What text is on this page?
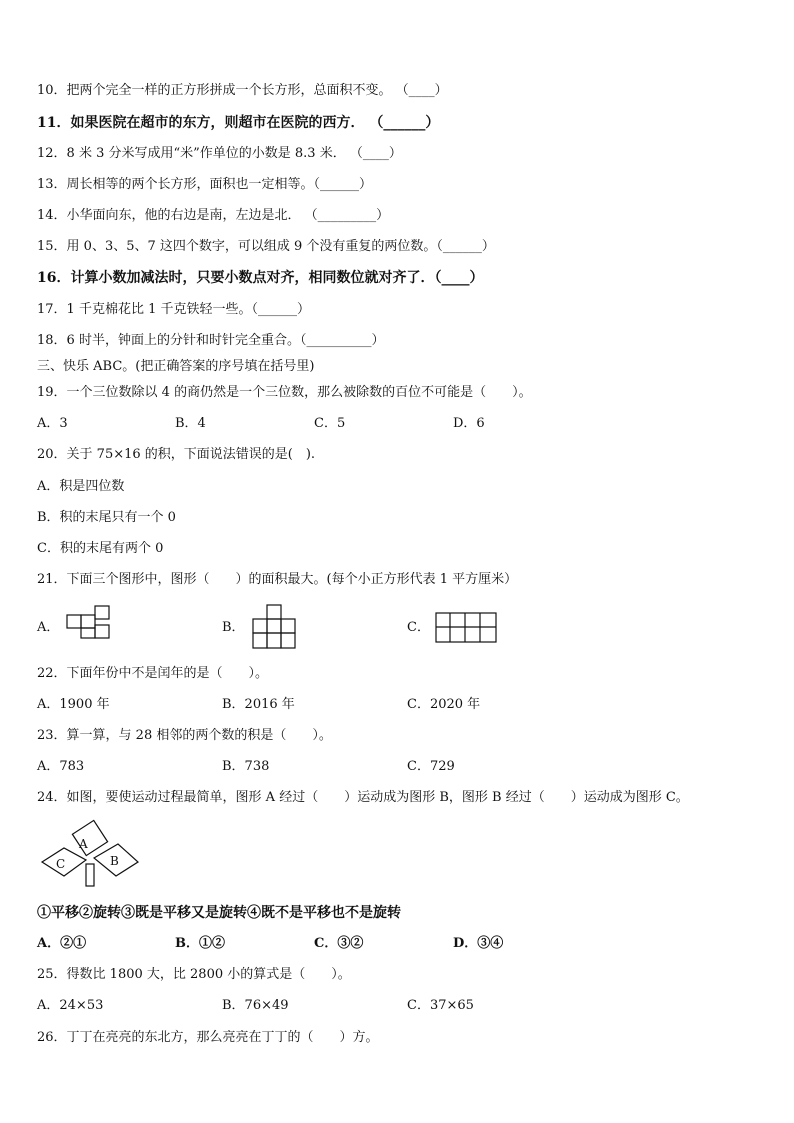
10．把两个完全一样的正方形拼成一个长方形，总面积不变。 （____）
11．如果医院在超市的东方，则超市在医院的西方． （______）
12．8 米 3 分米写成用“米”作单位的小数是 8.3 米． （____）
13．周长相等的两个长方形，面积也一定相等。（______）
14．小华面向东，他的右边是南，左边是北． （_________）
15．用 0、3、5、7 这四个数字，可以组成 9 个没有重复的两位数。（______）
16．计算小数加减法时，只要小数点对齐，相同数位就对齐了．（____）
17．1 千克棉花比 1 千克铁轻一些。（______）
18．6 时半，钟面上的分针和时针完全重合。（__________）
三、快乐 ABC。(把正确答案的序号填在括号里)
19．一个三位数除以 4 的商仍然是一个三位数，那么被除数的百位不可能是（　　）。
A．3	B．4	C．5	D．6
20．关于 75×16 的积，下面说法错误的是(　).
A．积是四位数
B．积的末尾只有一个 0
C．积的末尾有两个 0
21．下面三个图形中，图形（　　）的面积最大。(每个小正方形代表 1 平方厘米）
A．	B．	C．
22．下面年份中不是闰年的是（　　）。
A．1900 年	B．2016 年	C．2020 年
23．算一算，与 28 相邻的两个数的积是（　　）。
A．783	B．738	C．729
24．如图，要使运动过程最简单，图形 A 经过（　　）运动成为图形 B，图形 B 经过（　　）运动成为图形 C。
A
B
C
①平移②旋转③既是平移又是旋转④既不是平移也不是旋转
A．②①	B．①②	C．③②	D．③④
25．得数比 1800 大，比 2800 小的算式是（　　）。
A．24×53	B．76×49	C．37×65
26．丁丁在亮亮的东北方，那么亮亮在丁丁的（　　）方。
